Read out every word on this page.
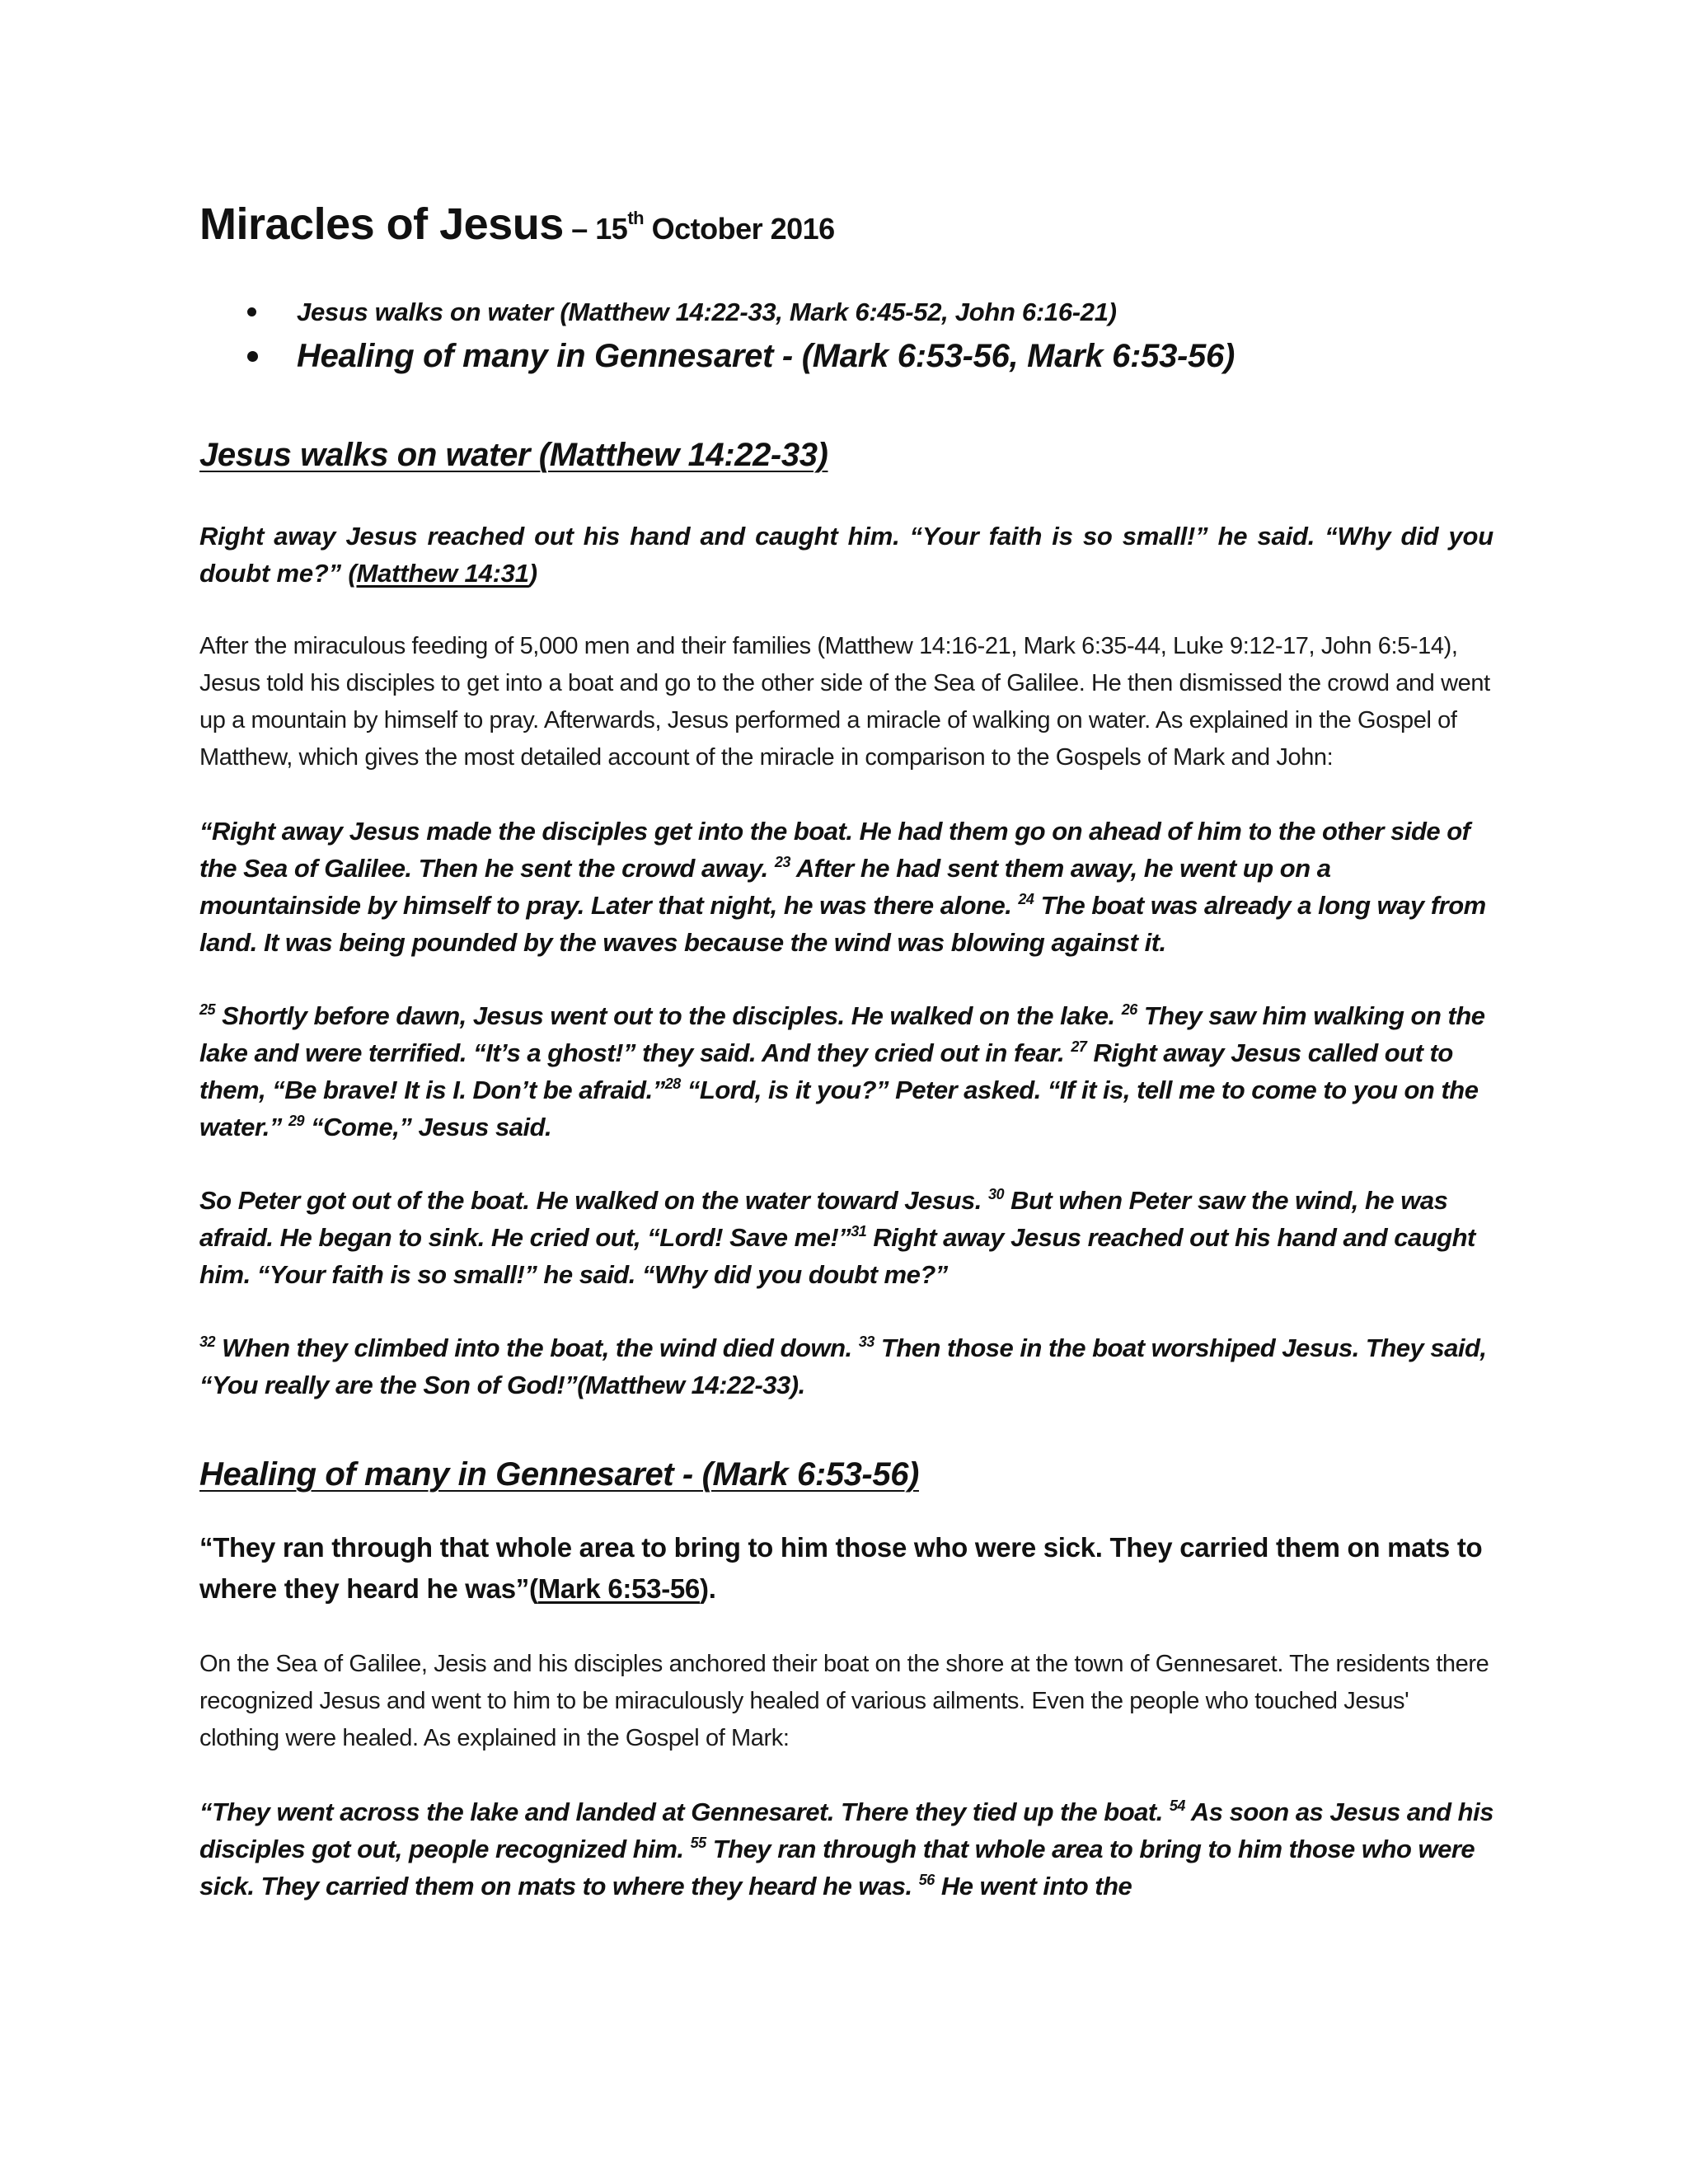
Miracles of Jesus – 15th October 2016
Jesus walks on water (Matthew 14:22-33, Mark 6:45-52, John 6:16-21)
Healing of many in Gennesaret - (Mark 6:53-56, Mark 6:53-56)
Jesus walks on water (Matthew 14:22-33)

Right away Jesus reached out his hand and caught him. “Your faith is so small!” he said. “Why did you doubt me?” (Matthew 14:31)

After the miraculous feeding of 5,000 men and their families (Matthew 14:16-21, Mark 6:35-44, Luke 9:12-17, John 6:5-14), Jesus told his disciples to get into a boat and go to the other side of the Sea of Galilee. He then dismissed the crowd and went up a mountain by himself to pray. Afterwards, Jesus performed a miracle of walking on water. As explained in the Gospel of Matthew, which gives the most detailed account of the miracle in comparison to the Gospels of Mark and John:

“Right away Jesus made the disciples get into the boat. He had them go on ahead of him to the other side of the Sea of Galilee. Then he sent the crowd away. $^{23}$ After he had sent them away, he went up on a mountainside by himself to pray. Later that night, he was there alone. $^{24}$ The boat was already a long way from land. It was being pounded by the waves because the wind was blowing against it.

$^{25}$ Shortly before dawn, Jesus went out to the disciples. He walked on the lake. $^{26}$ They saw him walking on the lake and were terrified. “It’s a ghost!” they said. And they cried out in fear. $^{27}$ Right away Jesus called out to them, “Be brave! It is I. Don’t be afraid.”$^{28}$ “Lord, is it you?” Peter asked. “If it is, tell me to come to you on the water.” $^{29}$ “Come,” Jesus said.

So Peter got out of the boat. He walked on the water toward Jesus. $^{30}$ But when Peter saw the wind, he was afraid. He began to sink. He cried out, “Lord! Save me!”$^{31}$ Right away Jesus reached out his hand and caught him. “Your faith is so small!” he said. “Why did you doubt me?”

$^{32}$ When they climbed into the boat, the wind died down. $^{33}$ Then those in the boat worshiped Jesus. They said, “You really are the Son of God!”(Matthew 14:22-33).

Healing of many in Gennesaret - (Mark 6:53-56)

“They ran through that whole area to bring to him those who were sick. They carried them on mats to where they heard he was”(Mark 6:53-56).

On the Sea of Galilee, Jesis and his disciples anchored their boat on the shore at the town of Gennesaret. The residents there recognized Jesus and went to him to be miraculously healed of various ailments. Even the people who touched Jesus' clothing were healed. As explained in the Gospel of Mark:

“They went across the lake and landed at Gennesaret. There they tied up the boat. $^{54}$ As soon as Jesus and his disciples got out, people recognized him. $^{55}$ They ran through that whole area to bring to him those who were sick. They carried them on mats to where they heard he was. $^{56}$ He went into the
